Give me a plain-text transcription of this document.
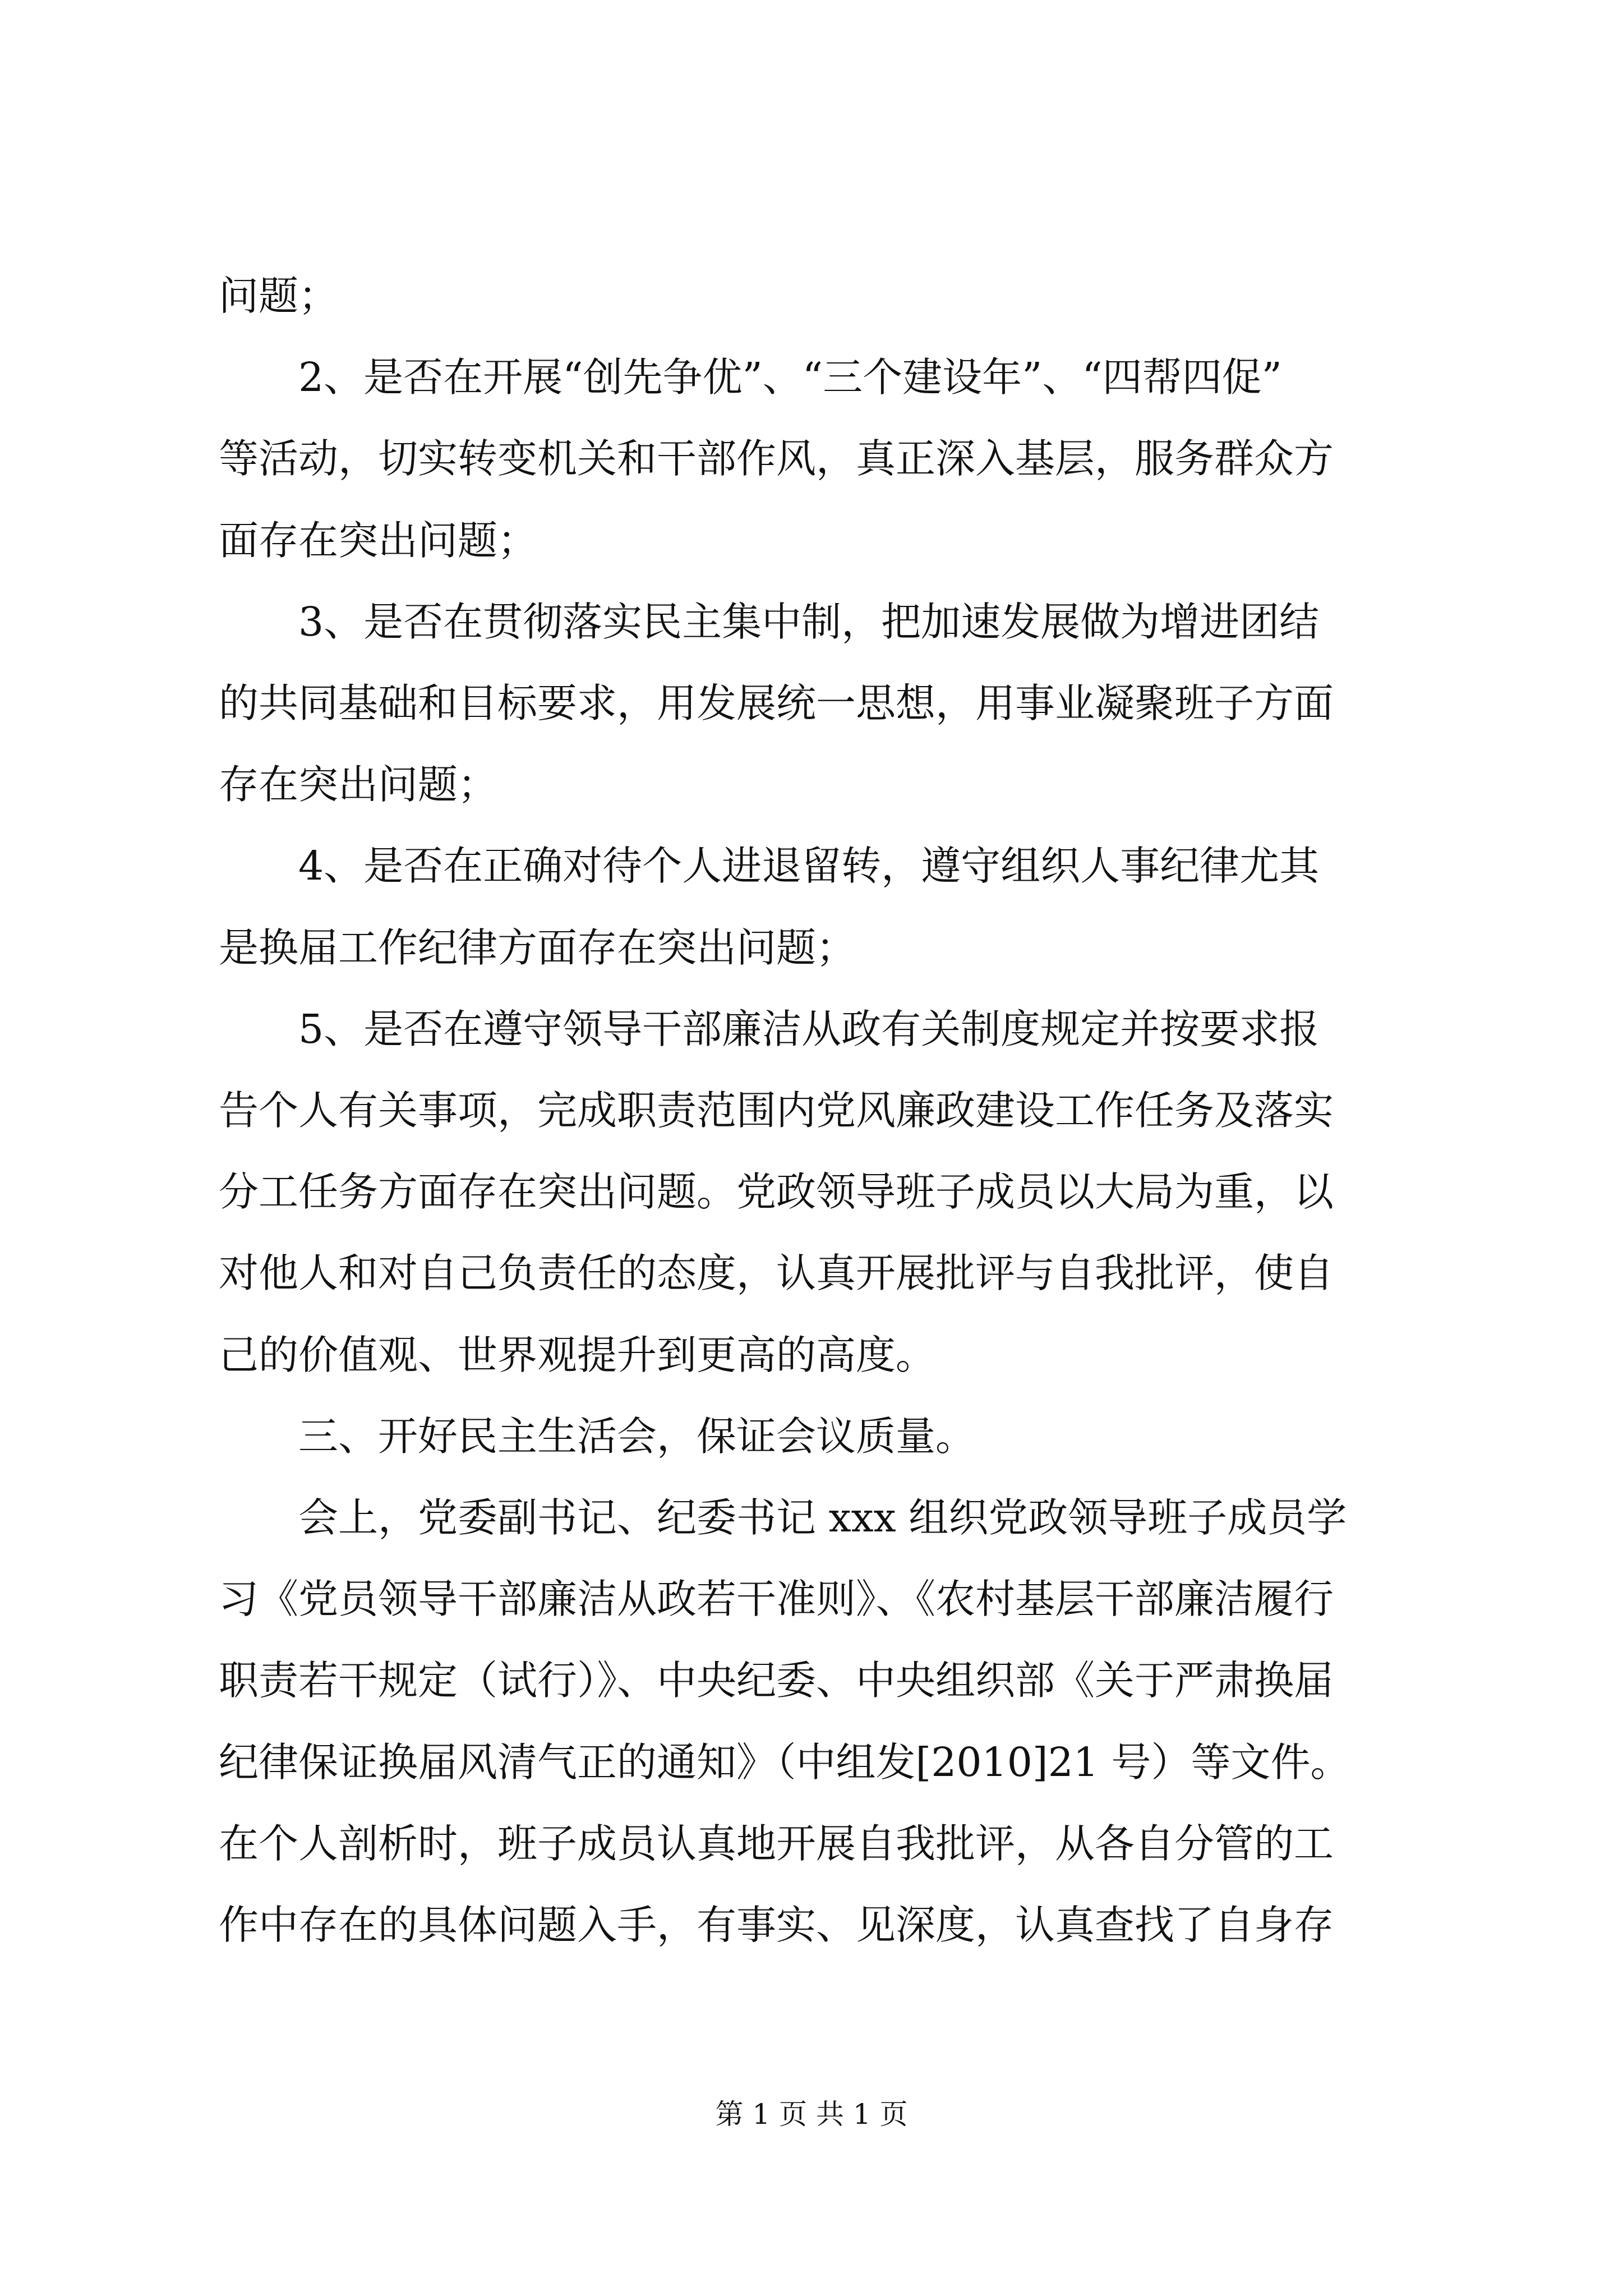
问题；
2、是否在开展“创先争优”、“三个建设年”、“四帮四促”
等活动，切实转变机关和干部作风，真正深入基层，服务群众方
面存在突出问题；
3、是否在贯彻落实民主集中制，把加速发展做为增进团结
的共同基础和目标要求，用发展统一思想，用事业凝聚班子方面
存在突出问题；
4、是否在正确对待个人进退留转，遵守组织人事纪律尤其
是换届工作纪律方面存在突出问题；
5、是否在遵守领导干部廉洁从政有关制度规定并按要求报
告个人有关事项，完成职责范围内党风廉政建设工作任务及落实
分工任务方面存在突出问题。党政领导班子成员以大局为重，以
对他人和对自己负责任的态度，认真开展批评与自我批评，使自
己的价值观、世界观提升到更高的高度。
三、开好民主生活会，保证会议质量。
会上，党委副书记、纪委书记 xxx 组织党政领导班子成员学
习《党员领导干部廉洁从政若干准则》、《农村基层干部廉洁履行
职责若干规定（试行）》、中央纪委、中央组织部《关于严肃换届
纪律保证换届风清气正的通知》（中组发[2010]21 号）等文件。
在个人剖析时，班子成员认真地开展自我批评，从各自分管的工
作中存在的具体问题入手，有事实、见深度，认真查找了自身存
第 1 页 共 1 页
